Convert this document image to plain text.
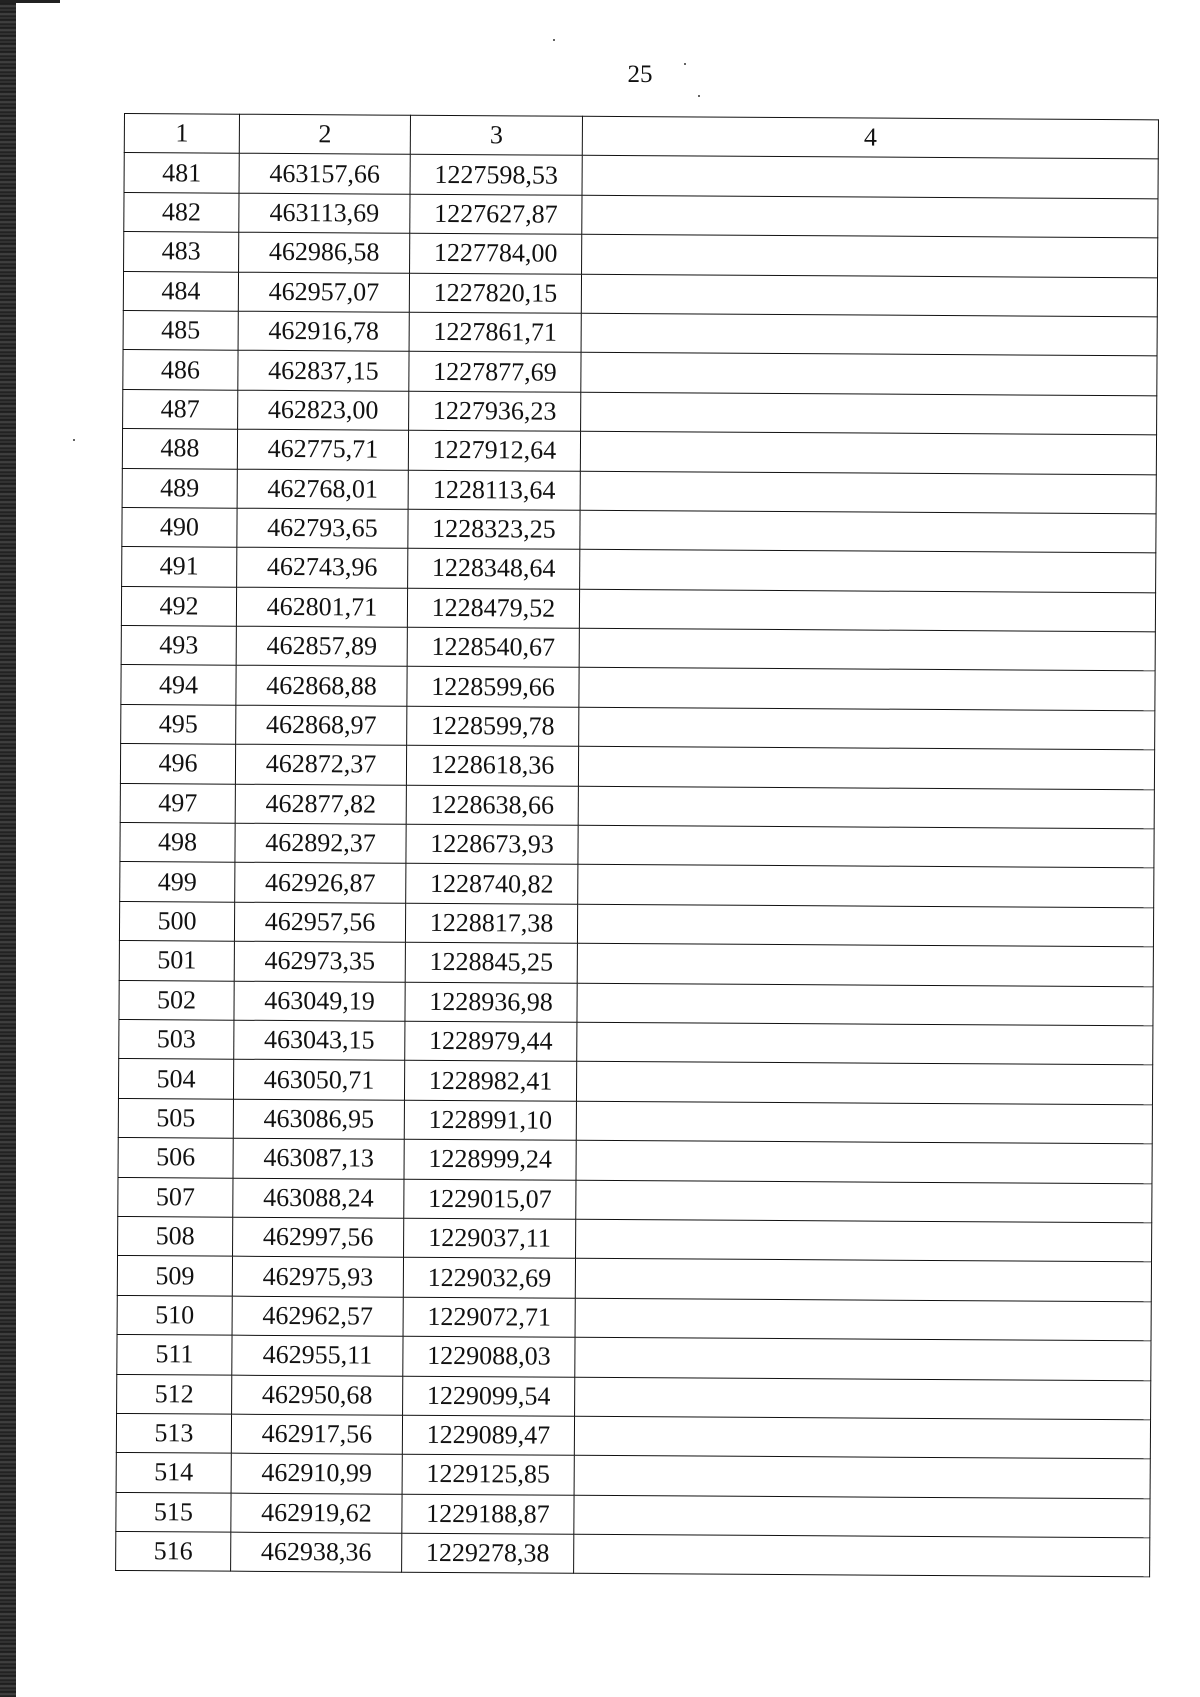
25
1	2	3	4
481	463157,66	1227598,53	
482	463113,69	1227627,87	
483	462986,58	1227784,00	
484	462957,07	1227820,15	
485	462916,78	1227861,71	
486	462837,15	1227877,69	
487	462823,00	1227936,23	
488	462775,71	1227912,64	
489	462768,01	1228113,64	
490	462793,65	1228323,25	
491	462743,96	1228348,64	
492	462801,71	1228479,52	
493	462857,89	1228540,67	
494	462868,88	1228599,66	
495	462868,97	1228599,78	
496	462872,37	1228618,36	
497	462877,82	1228638,66	
498	462892,37	1228673,93	
499	462926,87	1228740,82	
500	462957,56	1228817,38	
501	462973,35	1228845,25	
502	463049,19	1228936,98	
503	463043,15	1228979,44	
504	463050,71	1228982,41	
505	463086,95	1228991,10	
506	463087,13	1228999,24	
507	463088,24	1229015,07	
508	462997,56	1229037,11	
509	462975,93	1229032,69	
510	462962,57	1229072,71	
511	462955,11	1229088,03	
512	462950,68	1229099,54	
513	462917,56	1229089,47	
514	462910,99	1229125,85	
515	462919,62	1229188,87	
516	462938,36	1229278,38	
